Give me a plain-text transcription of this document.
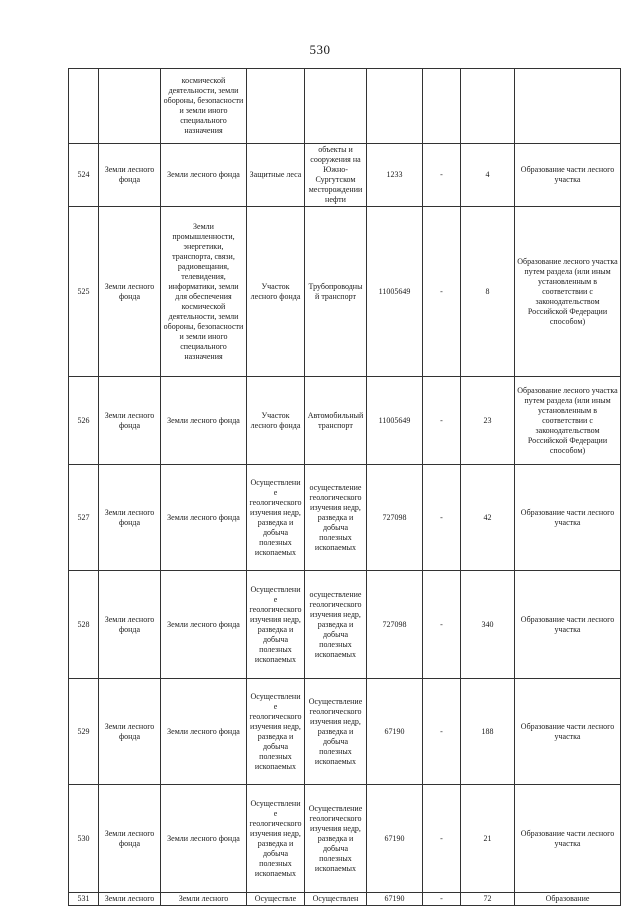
530
		космической деятельности, земли обороны, безопасности и земли иного специального назначения						
524	Земли лесного фонда	Земли лесного фонда	Защитные леса	объекты и сооружения на Южно-Сургутском месторождении нефти	1233	-	4	Образование части лесного участка
525	Земли лесного фонда	Земли промышленности, энергетики, транспорта, связи, радиовещания, телевидения, информатики, земли для обеспечения космической деятельности, земли обороны, безопасности и земли иного специального назначения	Участок лесного фонда	Трубопроводный транспорт	11005649	-	8	Образование лесного участка путем раздела (или иным установленным в соответствии с законодательством Российской Федерации способом)
526	Земли лесного фонда	Земли лесного фонда	Участок лесного фонда	Автомобильный транспорт	11005649	-	23	Образование лесного участка путем раздела (или иным установленным в соответствии с законодательством Российской Федерации способом)
527	Земли лесного фонда	Земли лесного фонда	Осуществление геологического изучения недр, разведка и добыча полезных ископаемых	осуществление геологического изучения недр, разведка и добыча полезных ископаемых	727098	-	42	Образование части лесного участка
528	Земли лесного фонда	Земли лесного фонда	Осуществление геологического изучения недр, разведка и добыча полезных ископаемых	осуществление геологического изучения недр, разведка и добыча полезных ископаемых	727098	-	340	Образование части лесного участка
529	Земли лесного фонда	Земли лесного фонда	Осуществление геологического изучения недр, разведка и добыча полезных ископаемых	Осуществление геологического изучения недр, разведка и добыча полезных ископаемых	67190	-	188	Образование части лесного участка
530	Земли лесного фонда	Земли лесного фонда	Осуществление геологического изучения недр, разведка и добыча полезных ископаемых	Осуществление геологического изучения недр, разведка и добыча полезных ископаемых	67190	-	21	Образование части лесного участка
531	Земли лесного	Земли лесного	Осуществле	Осуществлен	67190	-	72	Образование
